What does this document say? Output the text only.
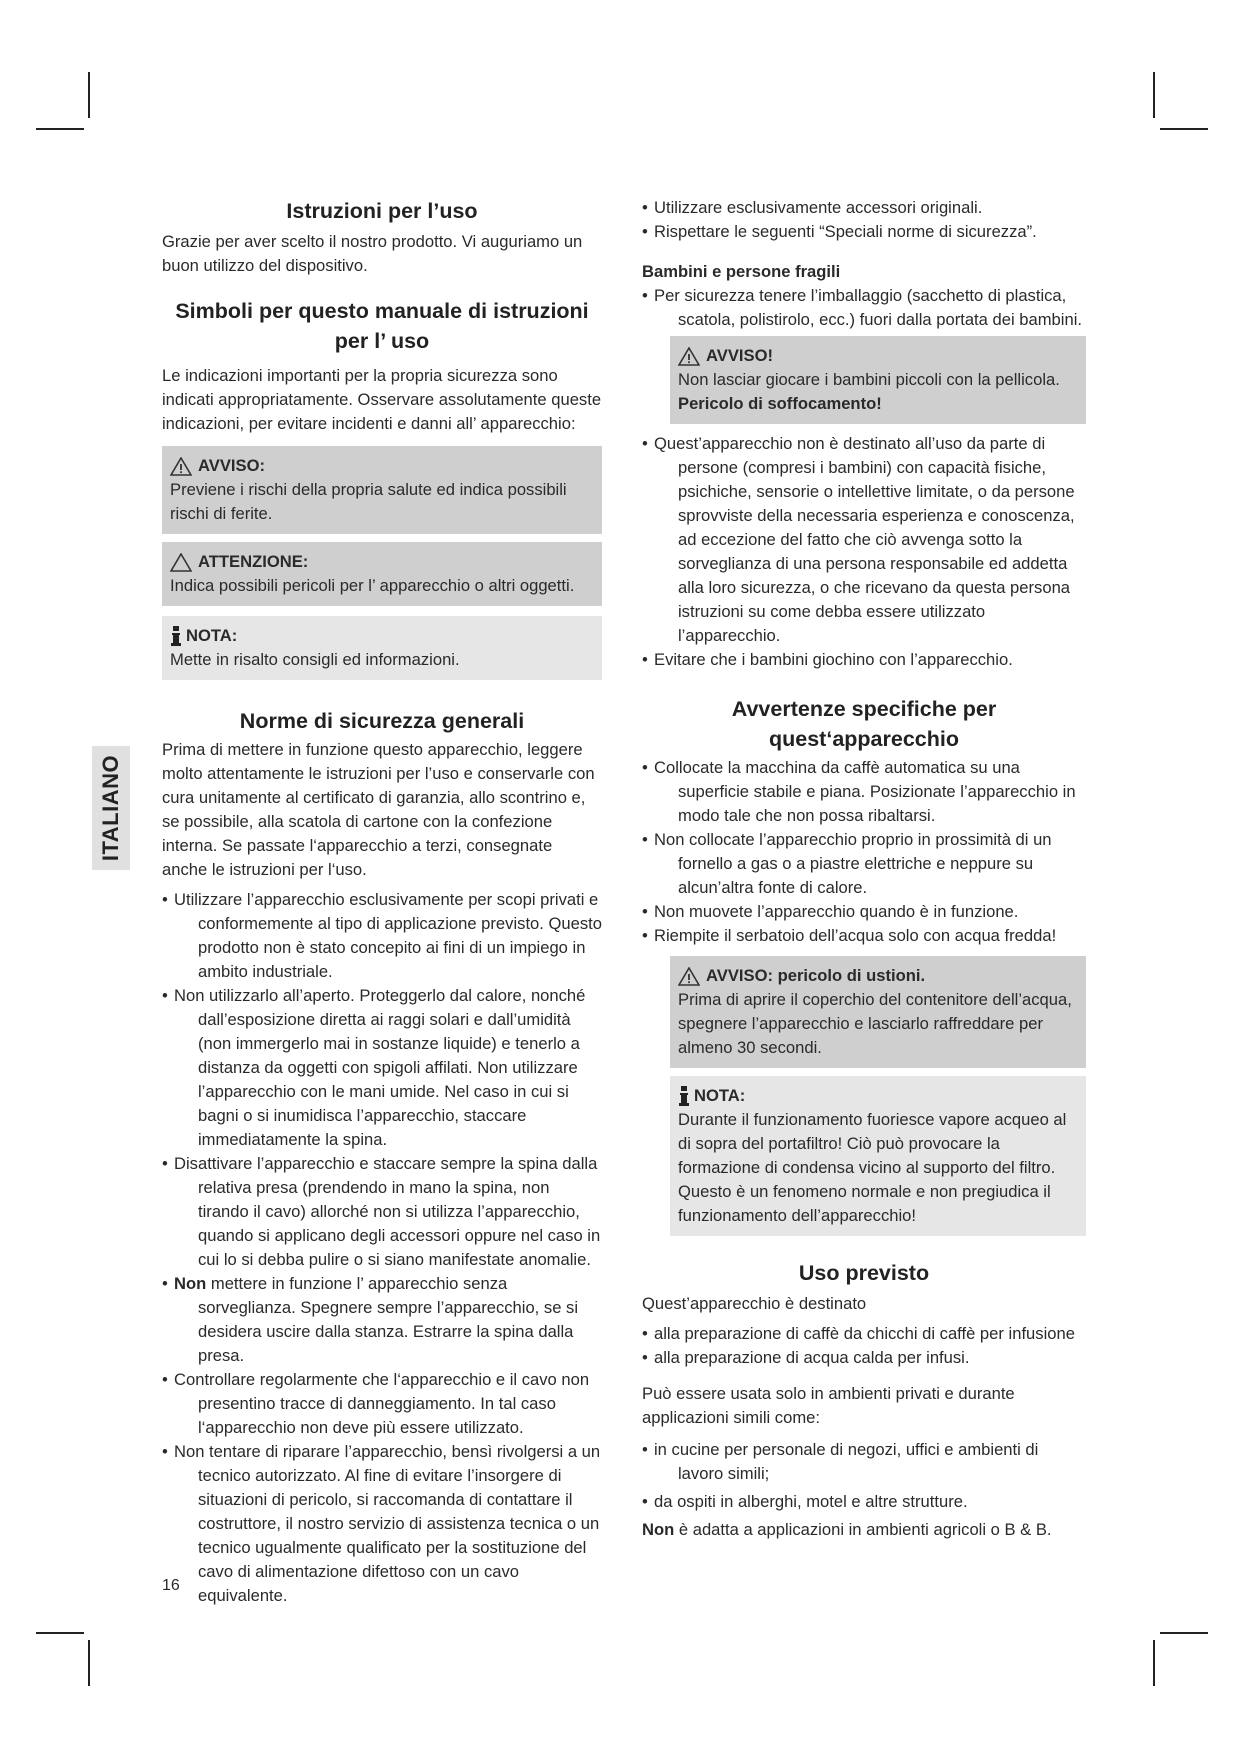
ITALIANO
Istruzioni per l’uso

Grazie per aver scelto il nostro prodotto. Vi auguriamo un buon utilizzo del dispositivo.

Simboli per questo manuale di istruzioni
per l’ uso

Le indicazioni importanti per la propria sicurezza sono indicati appropriatamente. Osservare assolutamente queste indicazioni, per evitare incidenti e danni all’ apparecchio:

AVVISO:

Previene i rischi della propria salute ed indica possibili rischi di ferite.

ATTENZIONE:

Indica possibili pericoli per l’ apparecchio o altri oggetti.

NOTA:

Mette in risalto consigli ed informazioni.

Norme di sicurezza generali

Prima di mettere in funzione questo apparecchio, leggere molto attentamente le istruzioni per l’uso e conservarle con cura unitamente al certificato di garanzia, allo scontrino e, se possibile, alla scatola di cartone con la confezione interna. Se passate l‘apparecchio a terzi, consegnate anche le istruzioni per l‘uso.

• Utilizzare l’apparecchio esclusivamente per scopi privati e conformemente al tipo di applicazione previsto. Questo prodotto non è stato concepito ai fini di un impiego in ambito industriale.
• Non utilizzarlo all’aperto. Proteggerlo dal calore, nonché dall’esposizione diretta ai raggi solari e dall’umidità (non immergerlo mai in sostanze liquide) e tenerlo a distanza da oggetti con spigoli affilati. Non utilizzare l’apparecchio con le mani umide. Nel caso in cui si bagni o si inumidisca l’apparecchio, staccare immediatamente la spina.
• Disattivare l’apparecchio e staccare sempre la spina dalla relativa presa (prendendo in mano la spina, non tirando il cavo) allorché non si utilizza l’apparecchio, quando si applicano degli accessori oppure nel caso in cui lo si debba pulire o si siano manifestate anomalie.
• Non mettere in funzione l’ apparecchio senza sorveglianza. Spegnere sempre l’apparecchio, se si desidera uscire dalla stanza. Estrarre la spina dalla presa.
• Controllare regolarmente che l‘apparecchio e il cavo non presentino tracce di danneggiamento. In tal caso l‘apparecchio non deve più essere utilizzato.
• Non tentare di riparare l’apparecchio, bensì rivolgersi a un tecnico autorizzato. Al fine di evitare l’insorgere di situazioni di pericolo, si raccomanda di contattare il costruttore, il nostro servizio di assistenza tecnica o un tecnico ugualmente qualificato per la sostituzione del cavo di alimentazione difettoso con un cavo equivalente.
• Utilizzare esclusivamente accessori originali.
• Rispettare le seguenti “Speciali norme di sicurezza”.
Bambini e persone fragili
• Per sicurezza tenere l’imballaggio (sacchetto di plastica, scatola, polistirolo, ecc.) fuori dalla portata dei bambini.
AVVISO!

Non lasciar giocare i bambini piccoli con la pellicola.

Pericolo di soffocamento!

• Quest’apparecchio non è destinato all’uso da parte di persone (compresi i bambini) con capacità fisiche, psichiche, sensorie o intellettive limitate, o da persone sprovviste della necessaria esperienza e conoscenza, ad eccezione del fatto che ciò avvenga sotto la sorveglianza di una persona responsabile ed addetta alla loro sicurezza, o che ricevano da questa persona istruzioni su come debba essere utilizzato l’apparecchio.
• Evitare che i bambini giochino con l’apparecchio.
Avvertenze specifiche per quest‘apparecchio
• Collocate la macchina da caffè automatica su una superficie stabile e piana. Posizionate l’apparecchio in modo tale che non possa ribaltarsi.
• Non collocate l’apparecchio proprio in prossimità di un fornello a gas o a piastre elettriche e neppure su alcun’altra fonte di calore.
• Non muovete l’apparecchio quando è in funzione.
• Riempite il serbatoio dell’acqua solo con acqua fredda!
AVVISO: pericolo di ustioni.

Prima di aprire il coperchio del contenitore dell’acqua, spegnere l’apparecchio e lasciarlo raffreddare per almeno 30 secondi.

NOTA:

Durante il funzionamento fuoriesce vapore acqueo al di sopra del portafiltro! Ciò può provocare la formazione di condensa vicino al supporto del filtro. Questo è un fenomeno normale e non pregiudica il funzionamento dell’apparecchio!

Uso previsto

Quest’apparecchio è destinato

• alla preparazione di caffè da chicchi di caffè per infusione
• alla preparazione di acqua calda per infusi.

Può essere usata solo in ambienti privati e durante applicazioni simili come:

• in cucine per personale di negozi, uffici e ambienti di lavoro simili;
• da ospiti in alberghi, motel e altre strutture.

Non è adatta a applicazioni in ambienti agricoli o B & B.

16
